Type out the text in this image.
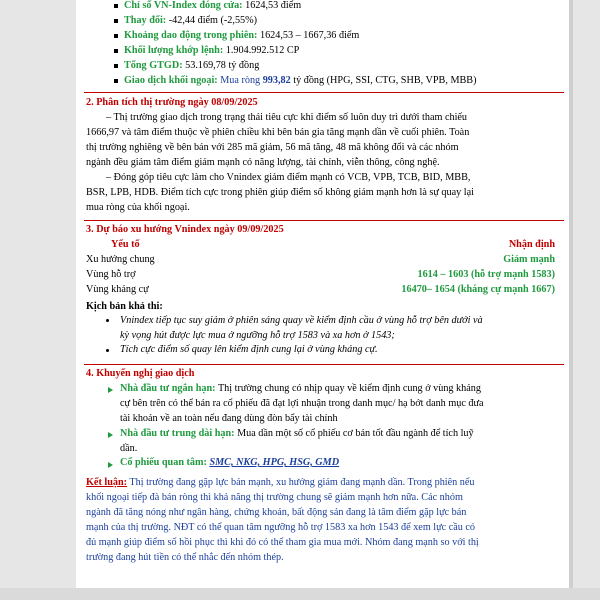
Chỉ số VN-Index đóng cửa: 1624,53 điểm
Thay đổi: -42,44 điểm (-2,55%)
Khoảng dao động trong phiên: 1624,53 – 1667,36 điểm
Khối lượng khớp lệnh: 1.904.992.512 CP
Tổng GTGD: 53.169,78 tỷ đồng
Giao dịch khối ngoại: Mua ròng 993,82 tỷ đồng (HPG, SSI, CTG, SHB, VPB, MBB)
2. Phân tích thị trường ngày 08/09/2025
– Thị trường giao dịch trong trạng thái tiêu cực khi điểm số luôn duy trì dưới tham chiếu
1666,97 và tâm điểm thuộc về phiên chiều khi bên bán gia tăng mạnh dần về cuối phiên. Toàn
thị trường nghiêng về bên bán với 285 mã giảm, 56 mã tăng, 48 mã không đổi và các nhóm
ngành đều giảm tâm điểm giảm mạnh có năng lượng, tài chính, viễn thông, công nghệ.
– Đóng góp tiêu cực làm cho Vnindex giảm điểm mạnh có VCB, VPB, TCB, BID, MBB,
BSR, LPB, HDB. Điểm tích cực trong phiên giúp điểm số không giảm mạnh hơn là sự quay lại
mua ròng của khối ngoại.
3. Dự báo xu hướng Vnindex ngày 09/09/2025
Yếu tố	Nhận định
Xu hướng chung	Giảm mạnh
Vùng hỗ trợ	1614 – 1603 (hỗ trợ mạnh 1583)
Vùng kháng cự	16470– 1654 (kháng cự mạnh 1667)
Kịch bản khả thi:
Vnindex tiếp tục suy giảm ở phiên sáng quay về kiểm định cầu ở vùng hỗ trợ bên dưới và
kỳ vọng hút được lực mua ở ngưỡng hỗ trợ 1583 và xa hơn ở 1543;
Tích cực điểm số quay lên kiểm định cung lại ở vùng kháng cự.
4. Khuyến nghị giao dịch
Nhà đầu tư ngắn hạn: Thị trường chung có nhịp quay về kiểm định cung ở vùng kháng
cự bên trên có thể bán ra cổ phiếu đã đạt lợi nhuận trong danh mục/ hạ bớt danh mục đưa
tài khoản về an toàn nếu đang dùng đòn bẩy tài chính
Nhà đầu tư trung dài hạn: Mua dần một số cổ phiếu cơ bản tốt đầu ngành để tích luỹ
dần.
Cổ phiếu quan tâm: SMC, NKG, HPG, HSG, GMD
Kết luận: Thị trường đang gặp lực bán mạnh, xu hướng giảm đang mạnh dần. Trong phiên nếu
khối ngoại tiếp đà bán ròng thì khả năng thị trường chung sẽ giảm mạnh hơn nữa. Các nhóm
ngành đã tăng nóng như ngân hàng, chứng khoán, bất động sản đang là tâm điểm gặp lực bán
mạnh của thị trường. NĐT có thể quan tâm ngưỡng hỗ trợ 1583 xa hơn 1543 để xem lực cầu có
đủ mạnh giúp điểm số hồi phục thì khi đó có thể tham gia mua mới. Nhóm đang mạnh so với thị
trường đang hút tiền có thể nhắc đến nhóm thép.
